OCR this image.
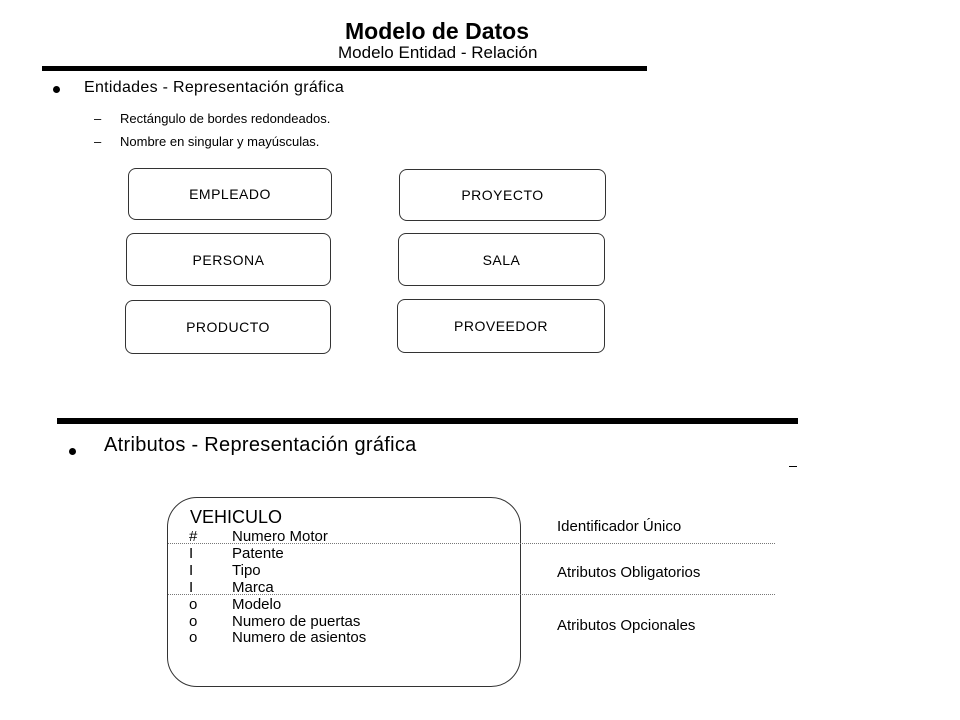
Modelo de Datos
Modelo Entidad - Relación
Entidades - Representación gráfica
– Rectángulo de bordes redondeados.
– Nombre en singular y mayúsculas.
EMPLEADO	PROYECTO
PERSONA	SALA
PRODUCTO	PROVEEDOR
Atributos - Representación gráfica
VEHICULO
# Numero Motor
I	Patente
I	Tipo
I	Marca
o Modelo
o Numero de puertas
o Numero de asientos
Identificador Único
Atributos Obligatorios
Atributos Opcionales
